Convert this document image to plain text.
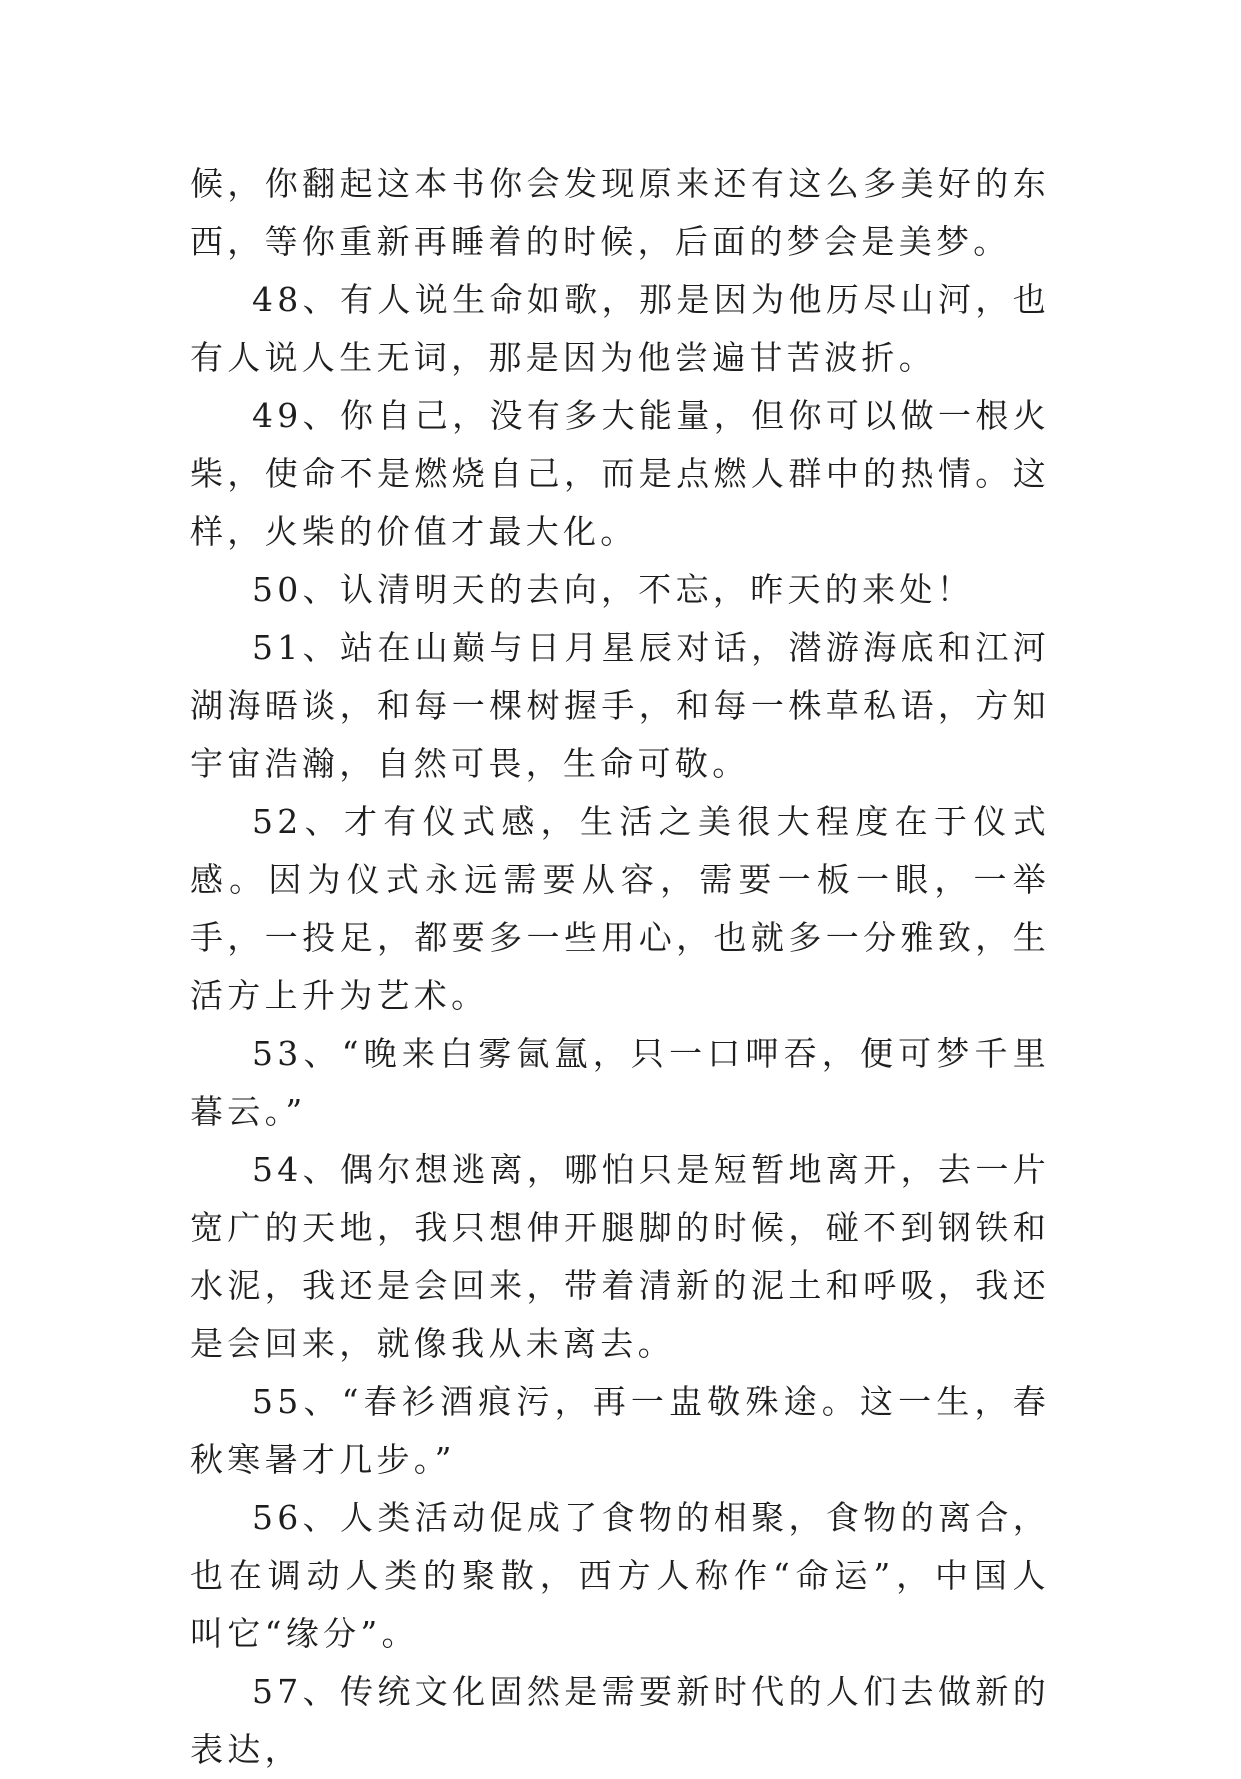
候，你翻起这本书你会发现原来还有这么多美好的东西，等你重新再睡着的时候，后面的梦会是美梦。

48、有人说生命如歌，那是因为他历尽山河，也有人说人生无词，那是因为他尝遍甘苦波折。

49、你自己，没有多大能量，但你可以做一根火柴，使命不是燃烧自己，而是点燃人群中的热情。这样，火柴的价值才最大化。

50、认清明天的去向，不忘，昨天的来处！

51、站在山巅与日月星辰对话，潜游海底和江河湖海晤谈，和每一棵树握手，和每一株草私语，方知宇宙浩瀚，自然可畏，生命可敬。

52、才有仪式感，生活之美很大程度在于仪式感。因为仪式永远需要从容，需要一板一眼，一举手，一投足，都要多一些用心，也就多一分雅致，生活方上升为艺术。

53、“晚来白雾氤氲，只一口呷吞，便可梦千里暮云。”

54、偶尔想逃离，哪怕只是短暂地离开，去一片宽广的天地，我只想伸开腿脚的时候，碰不到钢铁和水泥，我还是会回来，带着清新的泥土和呼吸，我还是会回来，就像我从未离去。

55、“春衫酒痕污，再一盅敬殊途。这一生，春秋寒暑才几步。”

56、人类活动促成了食物的相聚，食物的离合，也在调动人类的聚散，西方人称作“命运”，中国人叫它“缘分”。

57、传统文化固然是需要新时代的人们去做新的表达，
